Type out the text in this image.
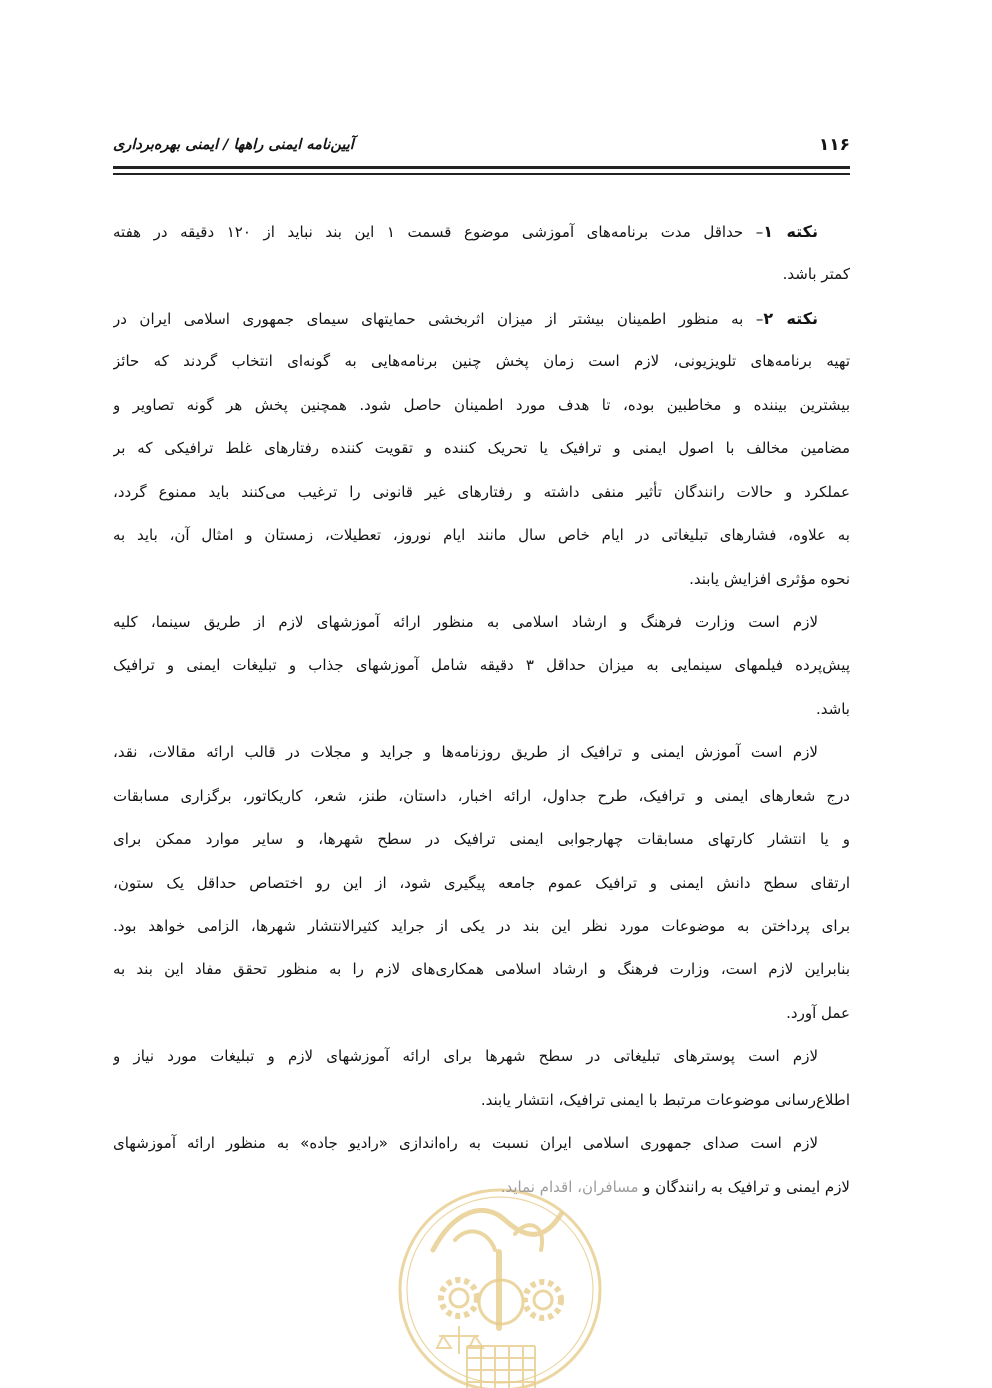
۱۱۶
آیین‌نامه ایمنی راهها / ایمنی بهره‌برداری
نکته ۱– حداقل مدت برنامه‌های آموزشی موضوع قسمت ۱ این بند نباید از ۱۲۰ دقیقه در هفته
کمتر باشد.
نکته ۲– به منظور اطمینان بیشتر از میزان اثربخشی حمایتهای سیمای جمهوری اسلامی ایران در
تهیه برنامه‌های تلویزیونی، لازم است زمان پخش چنین برنامه‌هایی به گونه‌ای انتخاب گردند که حائز
بیشترین بیننده و مخاطبین بوده، تا هدف مورد اطمینان حاصل شود. همچنین پخش هر گونه تصاویر و
مضامین مخالف با اصول ایمنی و ترافیک یا تحریک کننده و تقویت کننده رفتارهای غلط ترافیکی که بر
عملکرد و حالات رانندگان تأثیر منفی داشته و رفتارهای غیر قانونی را ترغیب می‌کنند باید ممنوع گردد،
به علاوه، فشارهای تبلیغاتی در ایام خاص سال مانند ایام نوروز، تعطیلات، زمستان و امثال آن، باید به
نحوه مؤثری افزایش یابند.
لازم است وزارت فرهنگ و ارشاد اسلامی به منظور ارائه آموزشهای لازم از طریق سینما، کلیه
پیش‌پرده فیلمهای سینمایی به میزان حداقل ۳ دقیقه شامل آموزشهای جذاب و تبلیغات ایمنی و ترافیک
باشد.
لازم است آموزش ایمنی و ترافیک از طریق روزنامه‌ها و جراید و مجلات در قالب ارائه مقالات، نقد،
درج شعارهای ایمنی و ترافیک، طرح جداول، ارائه اخبار، داستان، طنز، شعر، کاریکاتور، برگزاری مسابقات
و یا انتشار کارتهای مسابقات چهارجوابی ایمنی ترافیک در سطح شهرها، و سایر موارد ممکن برای
ارتقای سطح دانش ایمنی و ترافیک عموم جامعه پیگیری شود، از این رو اختصاص حداقل یک ستون،
برای پرداختن به موضوعات مورد نظر این بند در یکی از جراید کثیرالانتشار شهرها، الزامی خواهد بود.
بنابراین لازم است، وزارت فرهنگ و ارشاد اسلامی همکاری‌های لازم را به منظور تحقق مفاد این بند به
عمل آورد.
لازم است پوسترهای تبلیغاتی در سطح شهرها برای ارائه آموزشهای لازم و تبلیغات مورد نیاز و
اطلاع‌رسانی موضوعات مرتبط با ایمنی ترافیک، انتشار یابند.
لازم است صدای جمهوری اسلامی ایران نسبت به راه‌اندازی «رادیو جاده» به منظور ارائه آموزشهای
لازم ایمنی و ترافیک به رانندگان ومسافران، اقدام نماید.
